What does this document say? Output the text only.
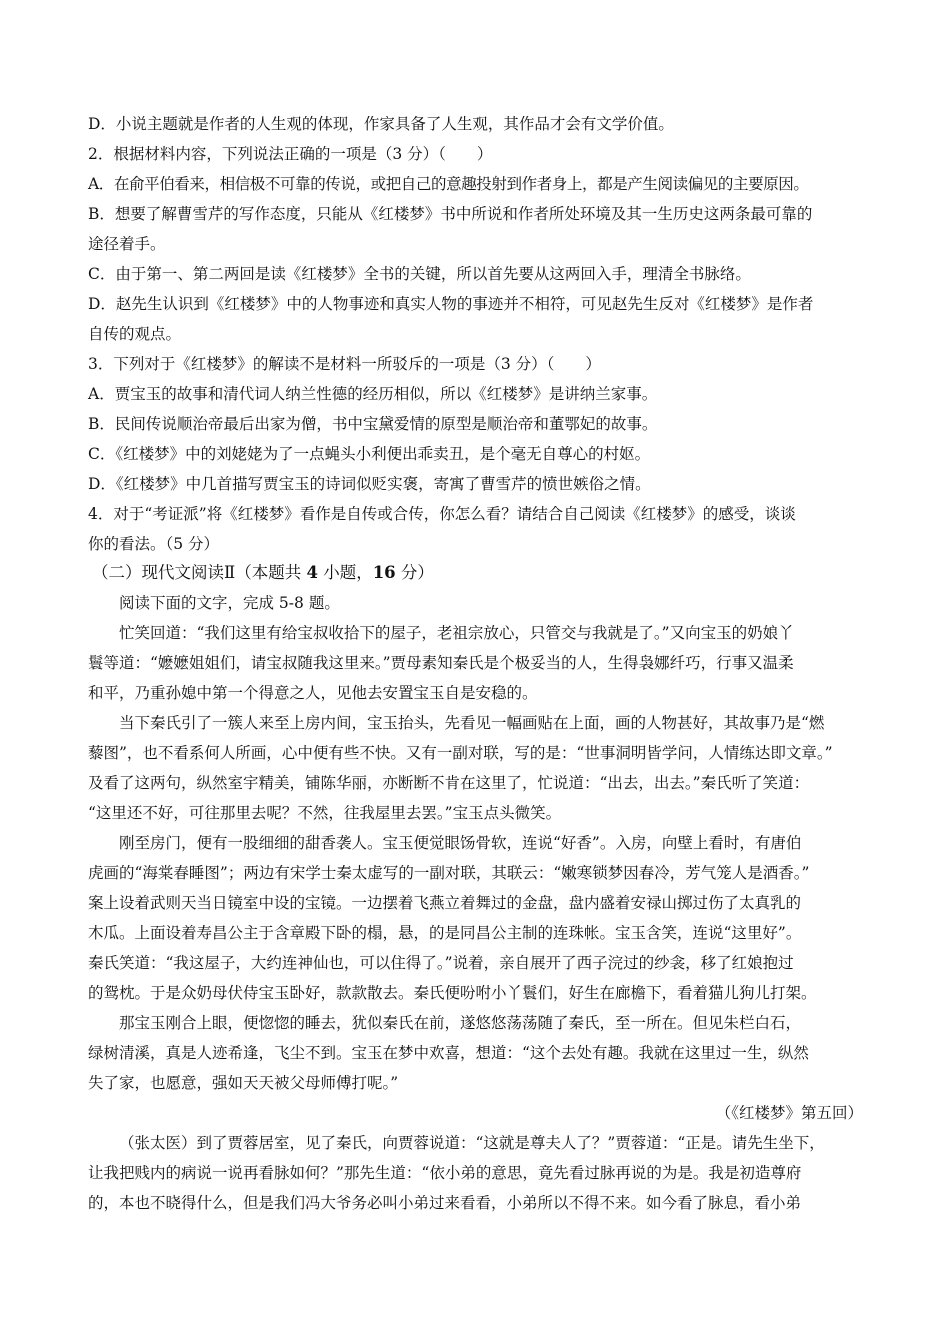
D．小说主题就是作者的人生观的体现，作家具备了人生观，其作品才会有文学价值。
2．根据材料内容，下列说法正确的一项是（3 分）（　　）
A．在俞平伯看来，相信极不可靠的传说，或把自己的意趣投射到作者身上，都是产生阅读偏见的主要原因。
B．想要了解曹雪芹的写作态度，只能从《红楼梦》书中所说和作者所处环境及其一生历史这两条最可靠的
途径着手。
C．由于第一、第二两回是读《红楼梦》全书的关键，所以首先要从这两回入手，理清全书脉络。
D．赵先生认识到《红楼梦》中的人物事迹和真实人物的事迹并不相符，可见赵先生反对《红楼梦》是作者
自传的观点。
3．下列对于《红楼梦》的解读不是材料一所驳斥的一项是（3 分）（　　）
A．贾宝玉的故事和清代词人纳兰性德的经历相似，所以《红楼梦》是讲纳兰家事。
B．民间传说顺治帝最后出家为僧，书中宝黛爱情的原型是顺治帝和董鄂妃的故事。
C．《红楼梦》中的刘姥姥为了一点蝇头小利便出乖卖丑，是个毫无自尊心的村妪。
D．《红楼梦》中几首描写贾宝玉的诗词似贬实褒，寄寓了曹雪芹的愤世嫉俗之情。
4．对于“考证派”将《红楼梦》看作是自传或合传，你怎么看？请结合自己阅读《红楼梦》的感受，谈谈
你的看法。（5 分）
（二）现代文阅读Ⅱ（本题共 4 小题，16 分）
阅读下面的文字，完成 5-8 题。
忙笑回道：“我们这里有给宝叔收拾下的屋子，老祖宗放心，只管交与我就是了。”又向宝玉的奶娘丫
鬟等道：“嬷嬷姐姐们，请宝叔随我这里来。”贾母素知秦氏是个极妥当的人，生得袅娜纤巧，行事又温柔
和平，乃重孙媳中第一个得意之人，见他去安置宝玉自是安稳的。
当下秦氏引了一簇人来至上房内间，宝玉抬头，先看见一幅画贴在上面，画的人物甚好，其故事乃是“燃
藜图”，也不看系何人所画，心中便有些不快。又有一副对联，写的是：“世事洞明皆学问，人情练达即文章。”
及看了这两句，纵然室宇精美，铺陈华丽，亦断断不肯在这里了，忙说道：“出去，出去。”秦氏听了笑道：
“这里还不好，可往那里去呢？不然，往我屋里去罢。”宝玉点头微笑。
刚至房门，便有一股细细的甜香袭人。宝玉便觉眼饧骨软，连说“好香”。入房，向壁上看时，有唐伯
虎画的“海棠春睡图”；两边有宋学士秦太虚写的一副对联，其联云：“嫩寒锁梦因春冷，芳气笼人是酒香。”
案上设着武则天当日镜室中设的宝镜。一边摆着飞燕立着舞过的金盘，盘内盛着安禄山掷过伤了太真乳的
木瓜。上面设着寿昌公主于含章殿下卧的榻，悬，的是同昌公主制的连珠帐。宝玉含笑，连说“这里好”。
秦氏笑道：“我这屋子，大约连神仙也，可以住得了。”说着，亲自展开了西子浣过的纱衾，移了红娘抱过
的鸳枕。于是众奶母伏侍宝玉卧好，款款散去。秦氏便吩咐小丫鬟们，好生在廊檐下，看着猫儿狗儿打架。
那宝玉刚合上眼，便惚惚的睡去，犹似秦氏在前，遂悠悠荡荡随了秦氏，至一所在。但见朱栏白石，
绿树清溪，真是人迹希逢，飞尘不到。宝玉在梦中欢喜，想道：“这个去处有趣。我就在这里过一生，纵然
失了家，也愿意，强如天天被父母师傅打呢。”
（《红楼梦》第五回）
（张太医）到了贾蓉居室，见了秦氏，向贾蓉说道：“这就是尊夫人了？”贾蓉道：“正是。请先生坐下，
让我把贱内的病说一说再看脉如何？”那先生道：“依小弟的意思，竟先看过脉再说的为是。我是初造尊府
的，本也不晓得什么，但是我们冯大爷务必叫小弟过来看看，小弟所以不得不来。如今看了脉息，看小弟
